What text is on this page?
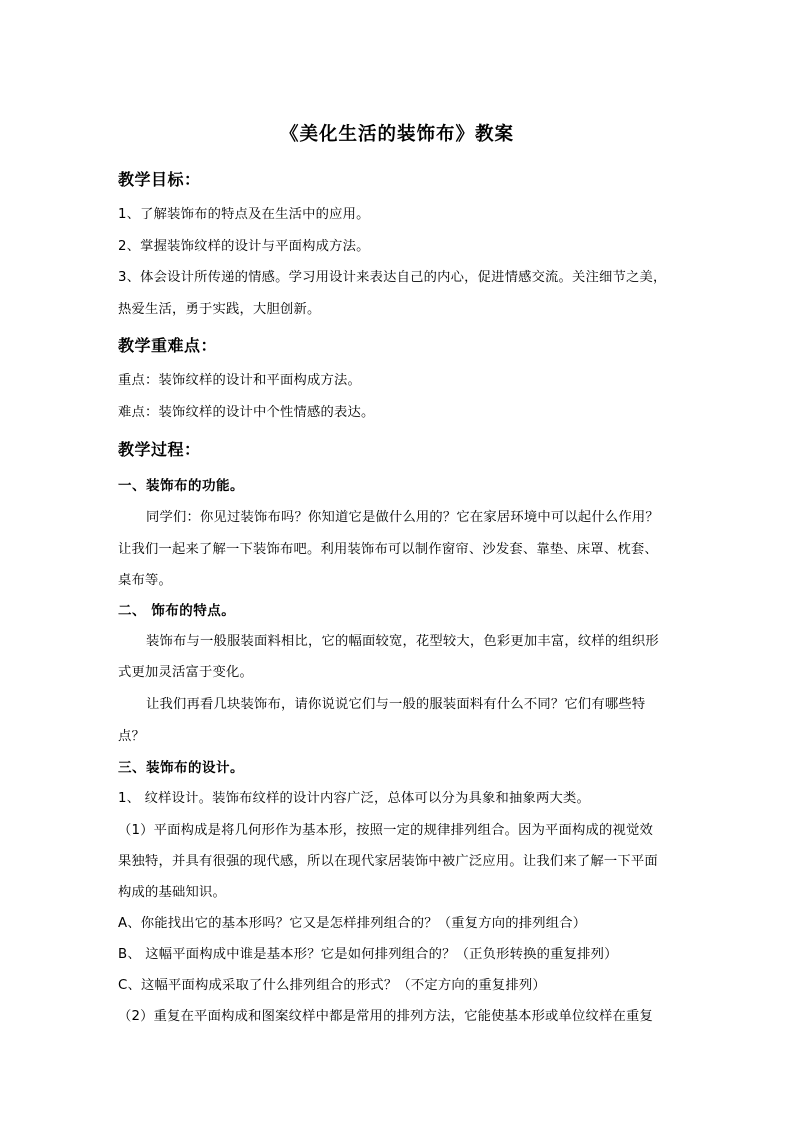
《美化生活的装饰布》教案
教学目标：
1、了解装饰布的特点及在生活中的应用。
2、掌握装饰纹样的设计与平面构成方法。
3、体会设计所传递的情感。学习用设计来表达自己的内心，促进情感交流。关注细节之美，
热爱生活，勇于实践，大胆创新。
教学重难点：
重点：装饰纹样的设计和平面构成方法。
难点：装饰纹样的设计中个性情感的表达。
教学过程：
一、装饰布的功能。
同学们：你见过装饰布吗？你知道它是做什么用的？它在家居环境中可以起什么作用？
让我们一起来了解一下装饰布吧。利用装饰布可以制作窗帘、沙发套、靠垫、床罩、枕套、
桌布等。
二、 饰布的特点。
装饰布与一般服装面料相比，它的幅面较宽，花型较大，色彩更加丰富，纹样的组织形
式更加灵活富于变化。
让我们再看几块装饰布，请你说说它们与一般的服装面料有什么不同？它们有哪些特
点？
三、装饰布的设计。
1、 纹样设计。装饰布纹样的设计内容广泛，总体可以分为具象和抽象两大类。
（1）平面构成是将几何形作为基本形，按照一定的规律排列组合。因为平面构成的视觉效
果独特，并具有很强的现代感，所以在现代家居装饰中被广泛应用。让我们来了解一下平面
构成的基础知识。
A、你能找出它的基本形吗？它又是怎样排列组合的？（重复方向的排列组合）
B、 这幅平面构成中谁是基本形？它是如何排列组合的？（正负形转换的重复排列）
C、这幅平面构成采取了什么排列组合的形式？（不定方向的重复排列）
（2）重复在平面构成和图案纹样中都是常用的排列方法，它能使基本形或单位纹样在重复
